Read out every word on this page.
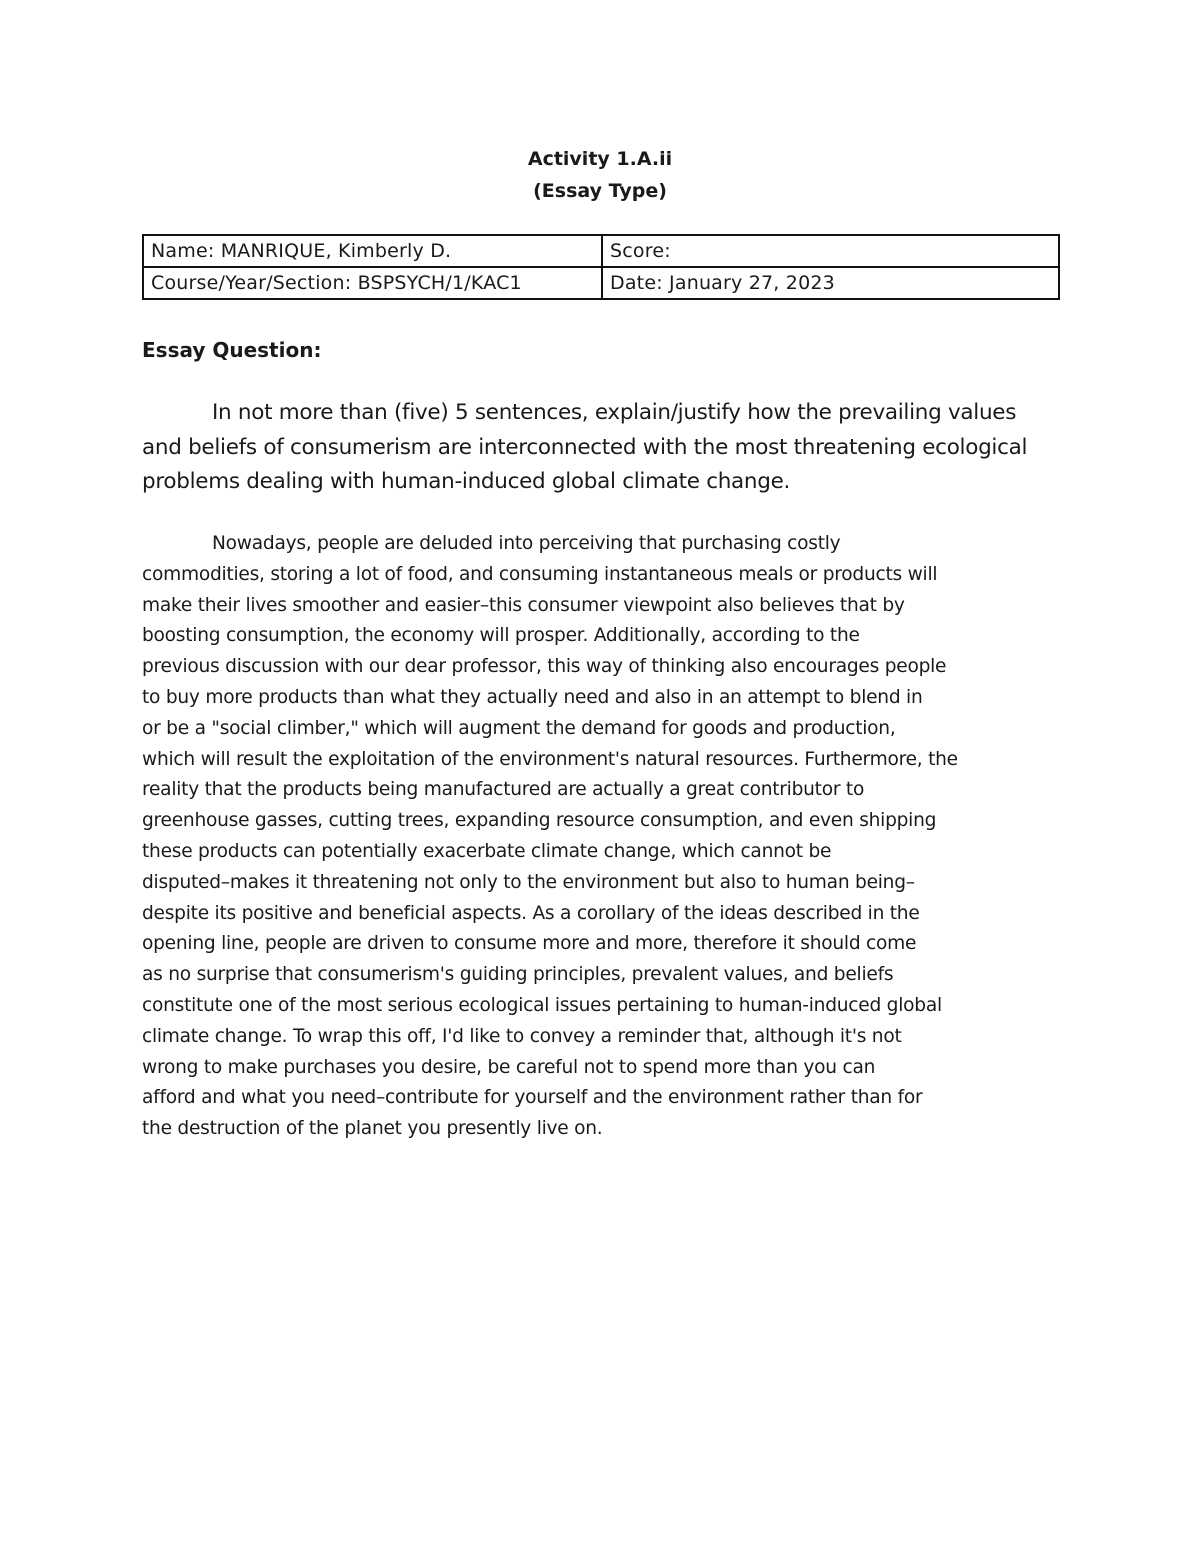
Activity 1.A.ii
(Essay Type)
Name: MANRIQUE, Kimberly D.	Score:
Course/Year/Section: BSPSYCH/1/KAC1	Date: January 27, 2023
Essay Question:
In not more than (five) 5 sentences, explain/justify how the prevailing values and beliefs of consumerism are interconnected with the most threatening ecological problems dealing with human-induced global climate change.
Nowadays, people are deluded into perceiving that purchasing costly
commodities, storing a lot of food, and consuming instantaneous meals or products will
make their lives smoother and easier–this consumer viewpoint also believes that by
boosting consumption, the economy will prosper. Additionally, according to the
previous discussion with our dear professor, this way of thinking also encourages people
to buy more products than what they actually need and also in an attempt to blend in
or be a "social climber," which will augment the demand for goods and production,
which will result the exploitation of the environment's natural resources. Furthermore, the
reality that the products being manufactured are actually a great contributor to
greenhouse gasses, cutting trees, expanding resource consumption, and even shipping
these products can potentially exacerbate climate change, which cannot be
disputed–makes it threatening not only to the environment but also to human being–
despite its positive and beneficial aspects. As a corollary of the ideas described in the
opening line, people are driven to consume more and more, therefore it should come
as no surprise that consumerism's guiding principles, prevalent values, and beliefs
constitute one of the most serious ecological issues pertaining to human-induced global
climate change. To wrap this off, I'd like to convey a reminder that, although it's not
wrong to make purchases you desire, be careful not to spend more than you can
afford and what you need–contribute for yourself and the environment rather than for
the destruction of the planet you presently live on.
